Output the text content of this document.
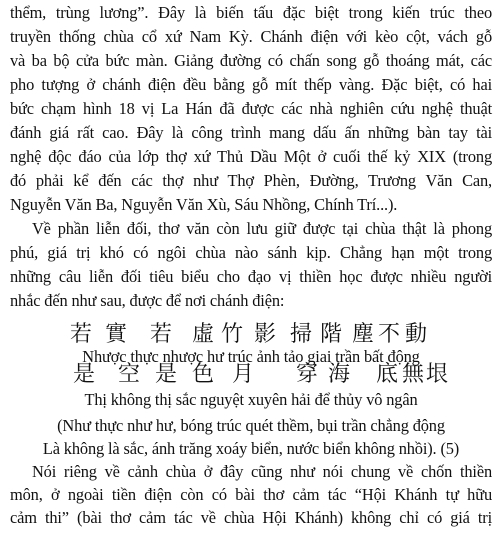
thểm, trùng lương”. Đây là biến tấu đặc biệt trong kiến trúc theo
truyền thống chùa cổ xứ Nam Kỳ. Chánh điện với kèo cột, vách gỗ
và ba bộ cửa bức màn. Giảng đường có chấn song gỗ thoáng mát, các
pho tượng ở chánh điện đều bằng gỗ mít thếp vàng. Đặc biệt, có hai
bức chạm hình 18 vị La Hán đã được các nhà nghiên cứu nghệ thuật
đánh giá rất cao. Đây là công trình mang dấu ấn những bàn tay tài
nghệ độc đáo của lớp thợ xứ Thủ Dầu Một ở cuối thế kỷ XIX (trong
đó phải kể đến các thợ như Thợ Phèn, Đường, Trương Văn Can,
Nguyễn Văn Ba, Nguyễn Văn Xù, Sáu Nhồng, Chính Trí...).
Về phần liễn đối, thơ văn còn lưu giữ được tại chùa thật là phong
phú, giá trị khó có ngôi chùa nào sánh kịp. Chẳng hạn một trong
những câu liễn đối tiêu biểu cho đạo vị thiền học được nhiều người
nhắc đến như sau, được để nơi chánh điện:
若 實 若 虛 竹 影 掃 階 塵 不 動
Nhược thực nhược hư trúc ảnh tảo giai trần bất động
是 空 是 色 月 穿 海 底 無 垠
Thị không thị sắc nguyệt xuyên hải để thủy vô ngân
(Như thực như hư, bóng trúc quét thềm, bụi trần chẳng động
Là không là sắc, ánh trăng xoáy biển, nước biển không nhồi). (5)
Nói riêng về cảnh chùa ở đây cũng như nói chung về chốn thiền
môn, ở ngoài tiền điện còn có bài thơ cảm tác “Hội Khánh tự hữu
cảm thi” (bài thơ cảm tác về chùa Hội Khánh) không chỉ có giá trị
